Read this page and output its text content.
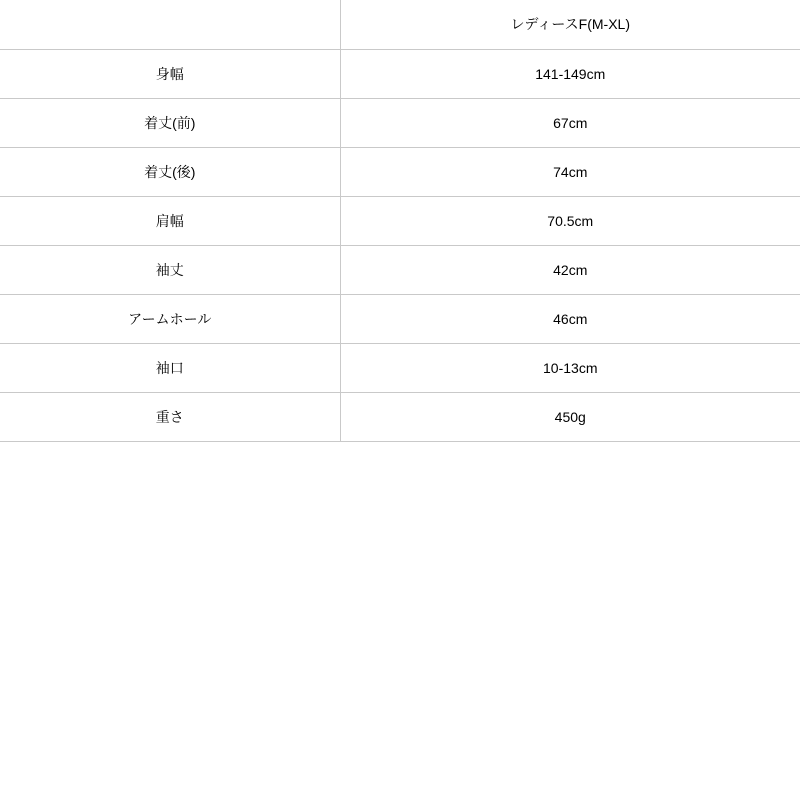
	レディースF(M-XL)
身幅	141-149cm
着丈(前)	67cm
着丈(後)	74cm
肩幅	70.5cm
袖丈	42cm
アームホール	46cm
袖口	10-13cm
重さ	450g
